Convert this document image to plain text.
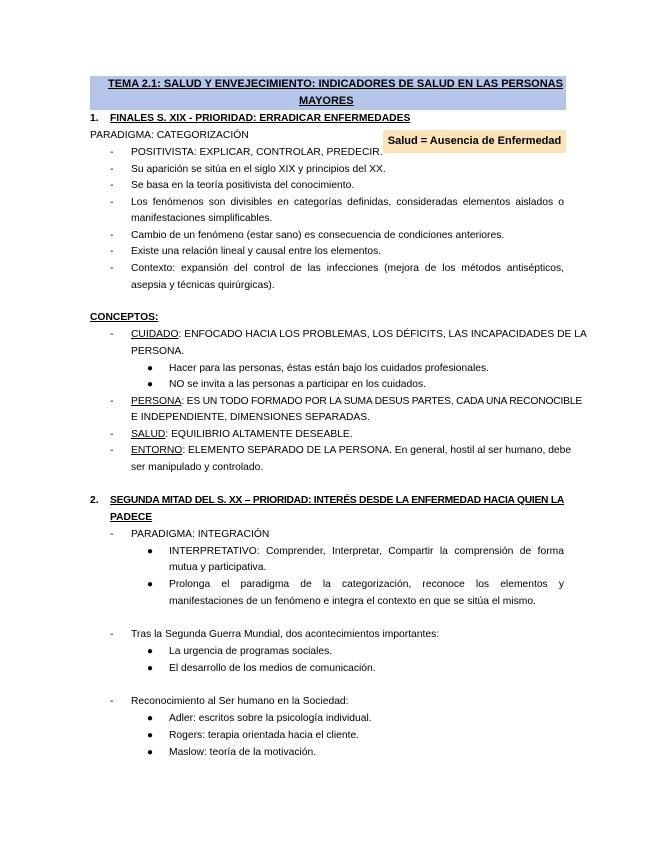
TEMA 2.1: SALUD Y ENVEJECIMIENTO: INDICADORES DE SALUD EN LAS PERSONAS
MAYORES
1. FINALES S. XIX - PRIORIDAD: ERRADICAR ENFERMEDADES
PARADIGMA: CATEGORIZACIÓN	Salud = Ausencia de Enfermedad
- POSITIVISTA: EXPLICAR, CONTROLAR, PREDECIR.
- Su aparición se sitúa en el siglo XIX y principios del XX.
- Se basa en la teoría positivista del conocimiento.
- Los fenómenos son divisibles en categorías definidas, consideradas elementos aislados o
manifestaciones simplificables.
- Cambio de un fenómeno (estar sano) es consecuencia de condiciones anteriores.
- Existe una relación lineal y causal entre los elementos.
- Contexto: expansión del control de las infecciones (mejora de los métodos antisépticos,
asepsia y técnicas quirúrgicas).
CONCEPTOS:
- CUIDADO : ENFOCADO HACIA LOS PROBLEMAS, LOS DÉFICITS, LAS INCAPACIDADES DE LA
PERSONA.
● Hacer para las personas, éstas están bajo los cuidados profesionales.
● NO se invita a las personas a participar en los cuidados.
- PERSONA : ES UN TODO FORMADO POR LA SUMA DESUS PARTES, CADA UNA RECONOCIBLE
E INDEPENDIENTE, DIMENSIONES SEPARADAS.
- SALUD: EQUILIBRIO ALTAMENTE DESEABLE.
- ENTORNO : ELEMENTO SEPARADO DE LA PERSONA. En general, hostil al ser humano, debe
ser manipulado y controlado.
2. SEGUNDA MITAD DEL S. XX – PRIORIDAD: INTERÉS DESDE LA ENFERMEDAD HACIA QUIEN LA
PADECE
- PARADIGMA: INTEGRACIÓN
● INTERPRETATIVO: Comprender, Interpretar, Compartir la comprensión de forma
mutua y participativa.
● Prolonga el paradigma de la categorización, reconoce los elementos y
manifestaciones de un fenómeno e integra el contexto en que se sitúa el mismo.
- Tras la Segunda Guerra Mundial, dos acontecimientos importantes:
● La urgencia de programas sociales.
● El desarrollo de los medios de comunicación.
- Reconocimiento al Ser humano en la Sociedad:
● Adler: escritos sobre la psicología individual.
● Rogers: terapia orientada hacia el cliente.
● Maslow: teoría de la motivación.
